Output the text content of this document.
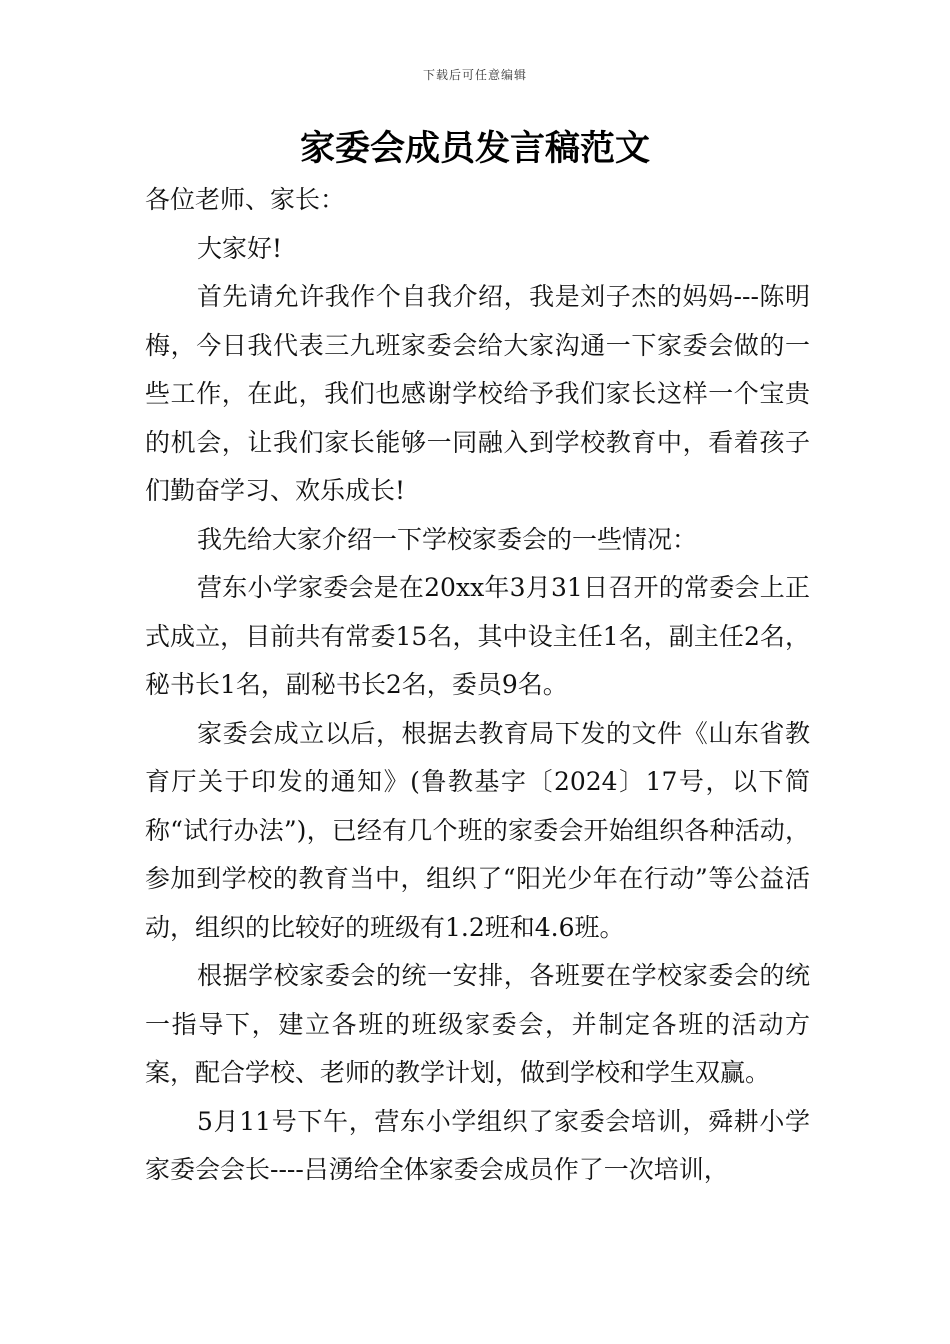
下载后可任意编辑
家委会成员发言稿范文

各位老师、家长：

大家好!

首先请允许我作个自我介绍，我是刘子杰的妈妈---陈明梅，今日我代表三九班家委会给大家沟通一下家委会做的一些工作，在此，我们也感谢学校给予我们家长这样一个宝贵的机会，让我们家长能够一同融入到学校教育中，看着孩子们勤奋学习、欢乐成长!

我先给大家介绍一下学校家委会的一些情况：

营东小学家委会是在20xx年3月31日召开的常委会上正式成立，目前共有常委15名，其中设主任1名，副主任2名，秘书长1名，副秘书长2名，委员9名。

家委会成立以后，根据去教育局下发的文件《山东省教育厅关于印发的通知》(鲁教基字〔2024〕17号，以下简称“试行办法”)，已经有几个班的家委会开始组织各种活动，参加到学校的教育当中，组织了“阳光少年在行动”等公益活动，组织的比较好的班级有1.2班和4.6班。

根据学校家委会的统一安排，各班要在学校家委会的统一指导下，建立各班的班级家委会，并制定各班的活动方案，配合学校、老师的教学计划，做到学校和学生双赢。

5月11号下午，营东小学组织了家委会培训，舜耕小学家委会会长----吕湧给全体家委会成员作了一次培训，
